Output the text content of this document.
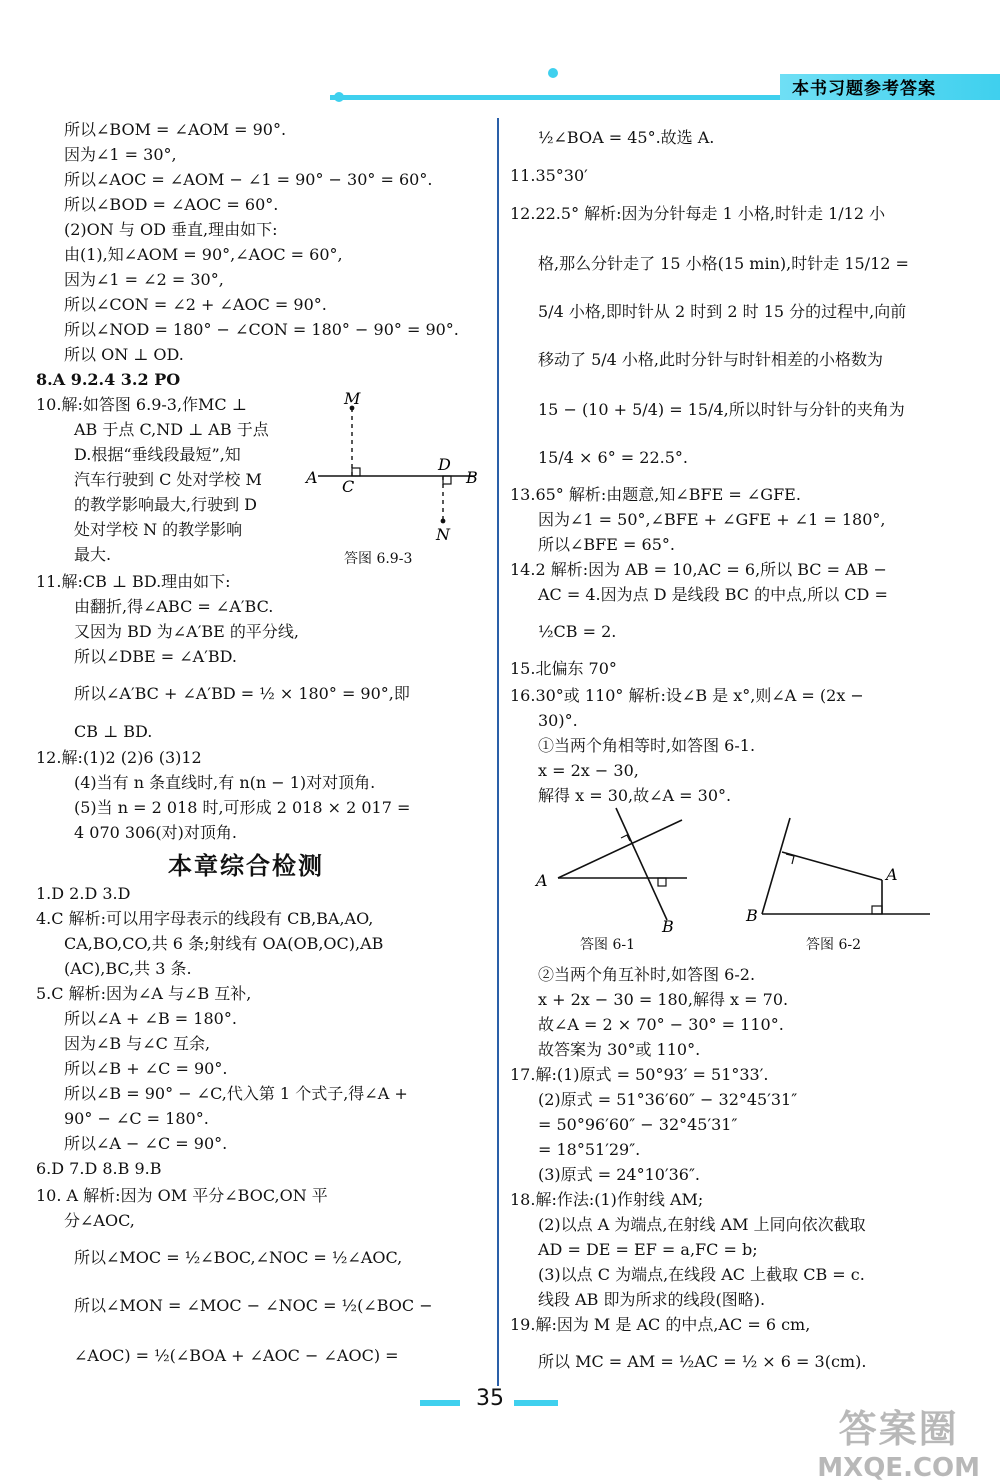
本书习题参考答案
所以∠BOM = ∠AOM = 90°.
因为∠1 = 30°,
所以∠AOC = ∠AOM − ∠1 = 90° − 30° = 60°.
所以∠BOD = ∠AOC = 60°.
(2)ON 与 OD 垂直,理由如下:
由(1),知∠AOM = 90°,∠AOC = 60°,
因为∠1 = ∠2 = 30°,
所以∠CON = ∠2 + ∠AOC = 90°.
所以∠NOD = 180° − ∠CON = 180° − 90° = 90°.
所以 ON ⊥ OD.
8.A 9.2.4 3.2 PO
10.解:如答图 6.9-3,作MC ⊥
AB 于点 C,ND ⊥ AB 于点
D.根据“垂线段最短”,知
汽车行驶到 C 处对学校 M
的教学影响最大,行驶到 D
处对学校 N 的教学影响
最大.
11.解:CB ⊥ BD.理由如下:
由翻折,得∠ABC = ∠A′BC.
又因为 BD 为∠A′BE 的平分线,
所以∠DBE = ∠A′BD.
所以∠A′BC + ∠A′BD = ½ × 180° = 90°,即
CB ⊥ BD.
12.解:(1)2 (2)6 (3)12
(4)当有 n 条直线时,有 n(n − 1)对对顶角.
(5)当 n = 2 018 时,可形成 2 018 × 2 017 =
4 070 306(对)对顶角.
1.D 2.D 3.D
4.C 解析:可以用字母表示的线段有 CB,BA,AO,
CA,BO,CO,共 6 条;射线有 OA(OB,OC),AB
(AC),BC,共 3 条.
5.C 解析:因为∠A 与∠B 互补,
所以∠A + ∠B = 180°.
因为∠B 与∠C 互余,
所以∠B + ∠C = 90°.
所以∠B = 90° − ∠C,代入第 1 个式子,得∠A +
90° − ∠C = 180°.
所以∠A − ∠C = 90°.
6.D 7.D 8.B 9.B
10. A 解析:因为 OM 平分∠BOC,ON 平
分∠AOC,
所以∠MOC = ½∠BOC,∠NOC = ½∠AOC,
所以∠MON = ∠MOC − ∠NOC = ½(∠BOC −
∠AOC) = ½(∠BOA + ∠AOC − ∠AOC) =
½∠BOA = 45°.故选 A.
11.35°30′
12.22.5° 解析:因为分针每走 1 小格,时针走 1/12 小
格,那么分针走了 15 小格(15 min),时针走 15/12 =
5/4 小格,即时针从 2 时到 2 时 15 分的过程中,向前
移动了 5/4 小格,此时分针与时针相差的小格数为
15 − (10 + 5/4) = 15/4,所以时针与分针的夹角为
15/4 × 6° = 22.5°.
13.65° 解析:由题意,知∠BFE = ∠GFE.
因为∠1 = 50°,∠BFE + ∠GFE + ∠1 = 180°,
所以∠BFE = 65°.
14.2 解析:因为 AB = 10,AC = 6,所以 BC = AB −
AC = 4.因为点 D 是线段 BC 的中点,所以 CD =
½CB = 2.
15.北偏东 70°
16.30°或 110° 解析:设∠B 是 x°,则∠A = (2x −
30)°.
①当两个角相等时,如答图 6-1.
x = 2x − 30,
解得 x = 30,故∠A = 30°.
②当两个角互补时,如答图 6-2.
x + 2x − 30 = 180,解得 x = 70.
故∠A = 2 × 70° − 30° = 110°.
故答案为 30°或 110°.
17.解:(1)原式 = 50°93′ = 51°33′.
(2)原式 = 51°36′60″ − 32°45′31″
= 50°96′60″ − 32°45′31″
= 18°51′29″.
(3)原式 = 24°10′36″.
18.解:作法:(1)作射线 AM;
(2)以点 A 为端点,在射线 AM 上同向依次截取
AD = DE = EF = a,FC = b;
(3)以点 C 为端点,在线段 AC 上截取 CB = c.
线段 AB 即为所求的线段(图略).
19.解:因为 M 是 AC 的中点,AC = 6 cm,
所以 MC = AM = ½AC = ½ × 6 = 3(cm).
本章综合检测
M
A C
D
B
N
答图 6.9-3
A
B
答图 6-1
A
B
答图 6-2
35
答案圈
MXQE.COM
